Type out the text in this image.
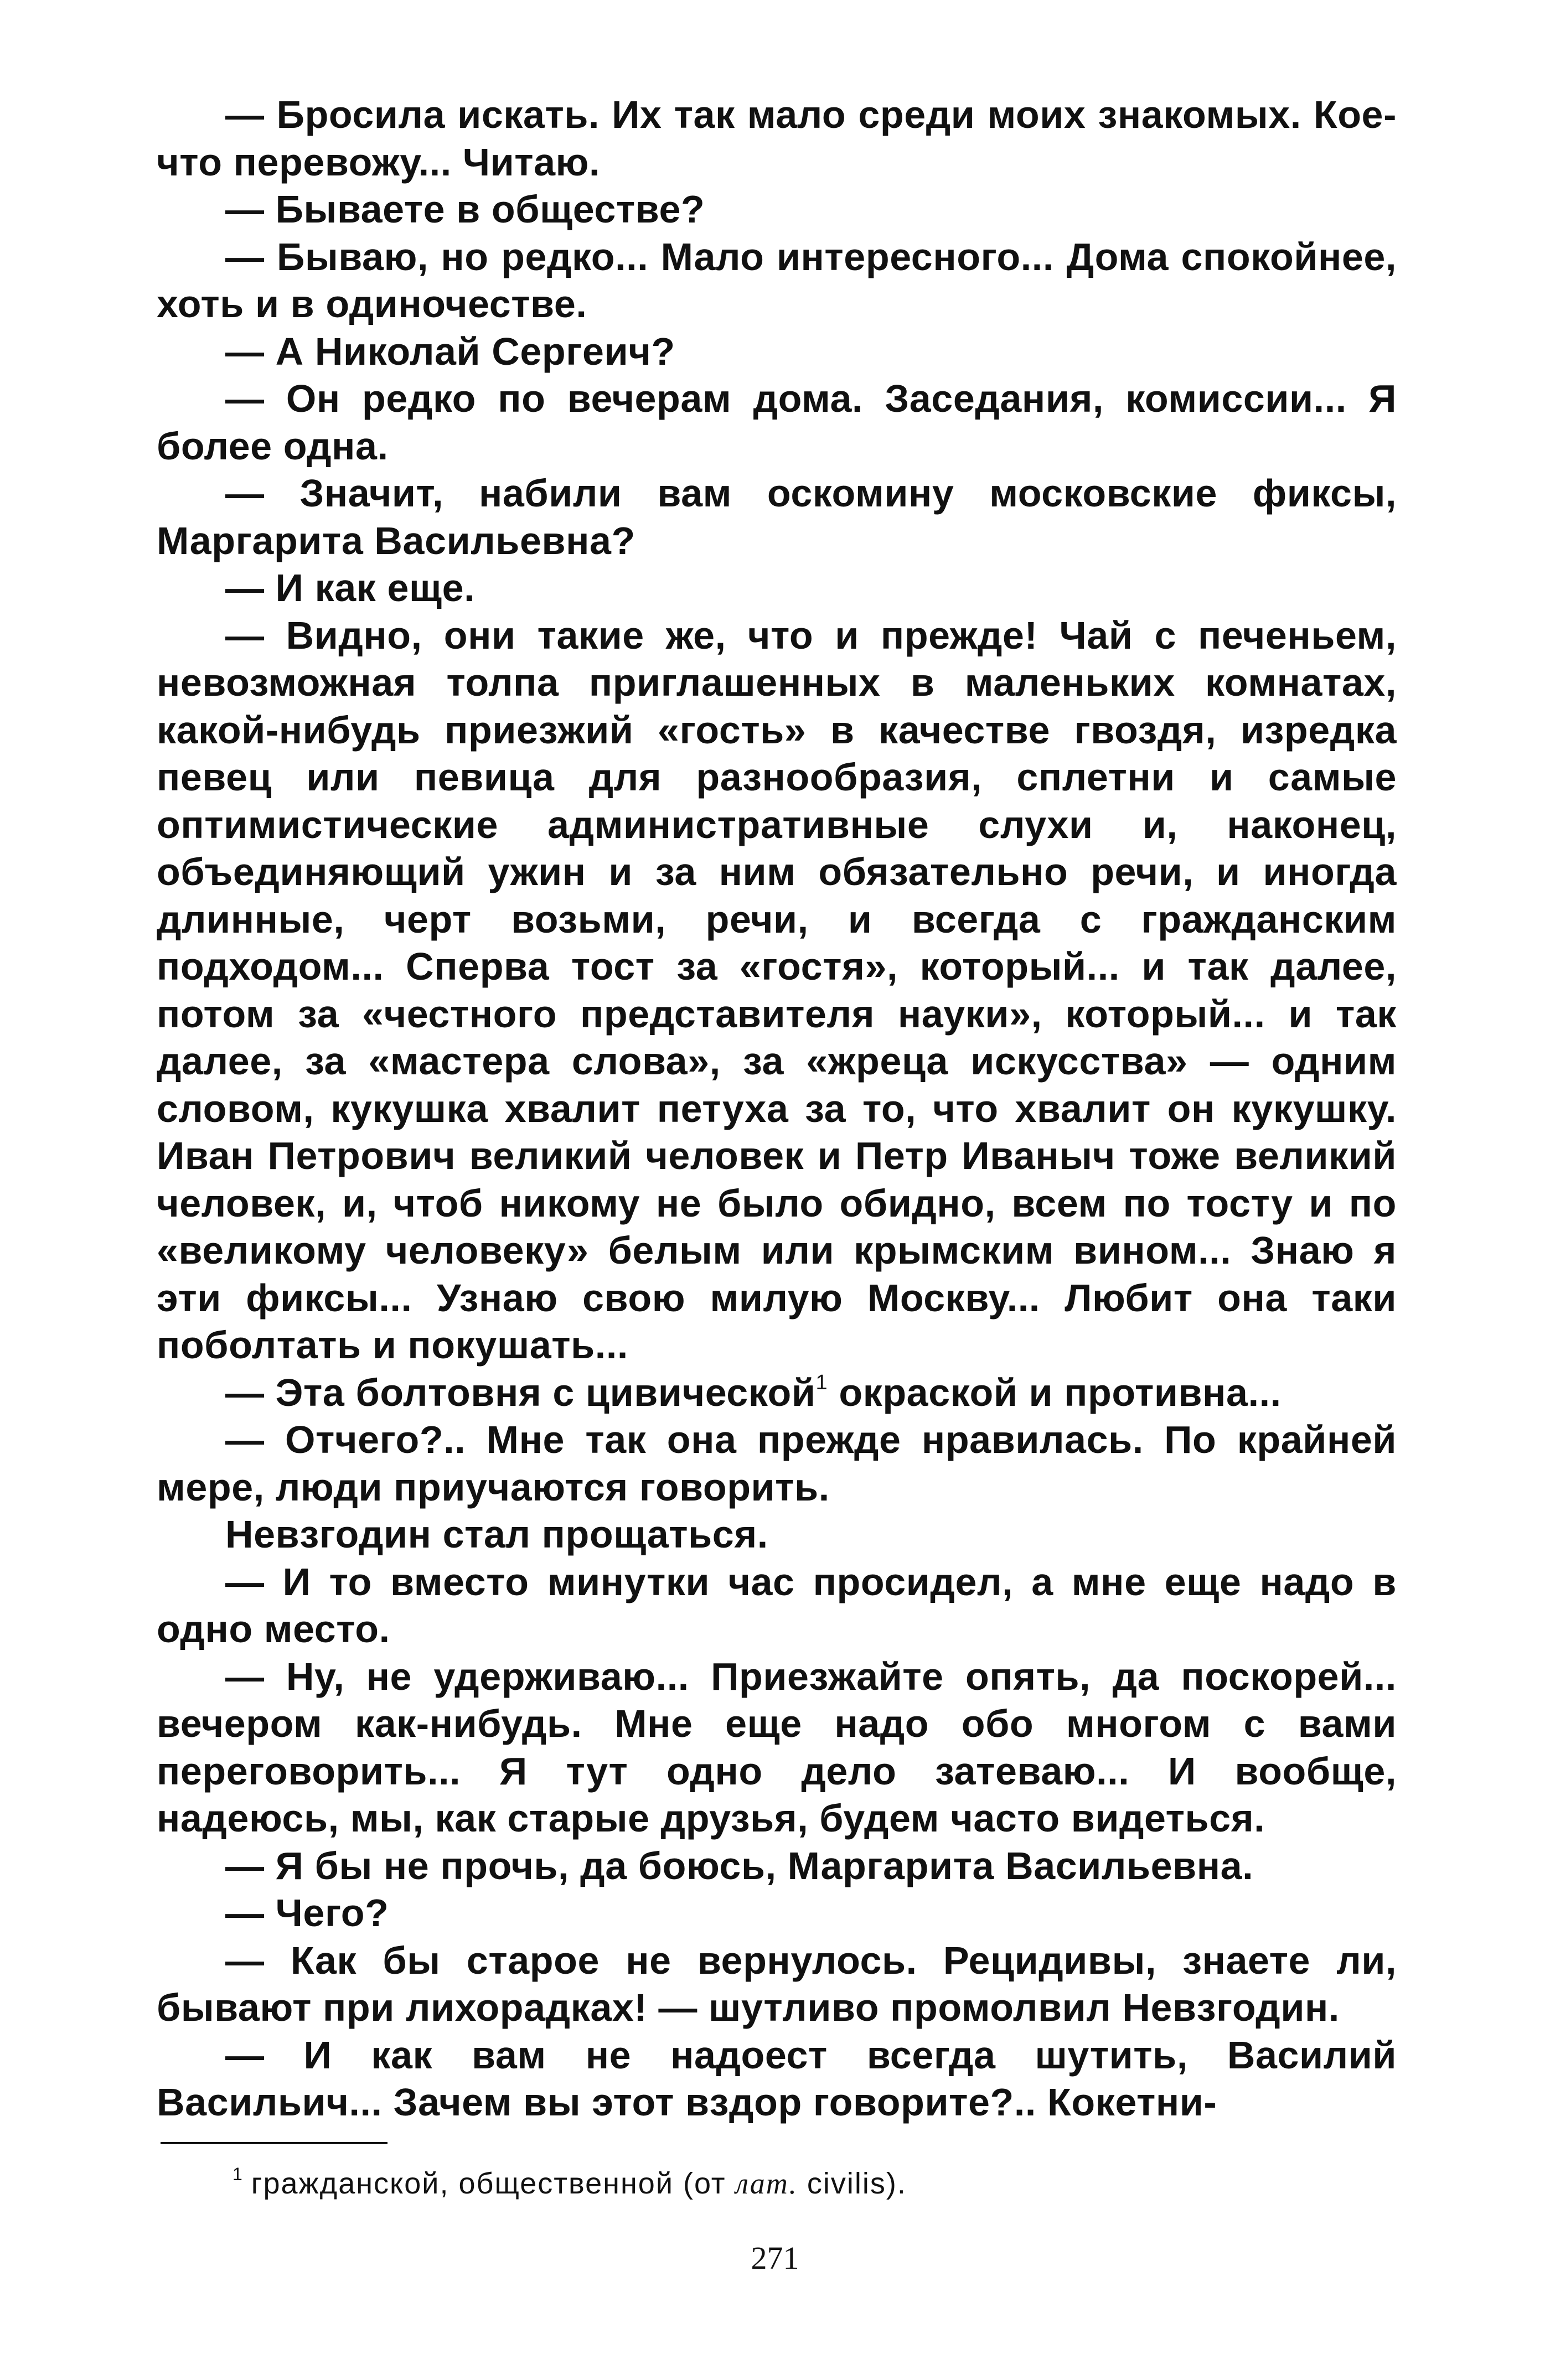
— Бросила искать. Их так мало среди моих знакомых. Кое-что перевожу... Читаю.

— Бываете в обществе?

— Бываю, но редко... Мало интересного... Дома спокойнее, хоть и в одиночестве.

— А Николай Сергеич?

— Он редко по вечерам дома. Заседания, комиссии... Я более одна.

— Значит, набили вам оскомину московские фиксы, Маргарита Васильевна?

— И как еще.

— Видно, они такие же, что и прежде! Чай с печеньем, невозможная толпа приглашенных в маленьких комнатах, какой-нибудь приезжий «гость» в качестве гвоздя, изредка певец или певица для разнообразия, сплетни и самые оптимистические административные слухи и, наконец, объединяющий ужин и за ним обязательно речи, и иногда длинные, черт возьми, речи, и всегда с гражданским подходом... Сперва тост за «гостя», который... и так далее, потом за «честного представителя науки», который... и так далее, за «мастера слова», за «жреца искусства» — одним словом, кукушка хвалит петуха за то, что хвалит он кукушку. Иван Петрович великий человек и Петр Иваныч тоже великий человек, и, чтоб никому не было обидно, всем по тосту и по «великому человеку» белым или крымским вином... Знаю я эти фиксы... Узнаю свою милую Москву... Любит она таки поболтать и покушать...

— Эта болтовня с цивической$^1$ окраской и противна...

— Отчего?.. Мне так она прежде нравилась. По крайней мере, люди приучаются говорить.

Невзгодин стал прощаться.

— И то вместо минутки час просидел, а мне еще надо в одно место.

— Ну, не удерживаю... Приезжайте опять, да поскорей... вечером как-нибудь. Мне еще надо обо многом с вами переговорить... Я тут одно дело затеваю... И вообще, надеюсь, мы, как старые друзья, будем часто видеться.

— Я бы не прочь, да боюсь, Маргарита Васильевна.

— Чего?

— Как бы старое не вернулось. Рецидивы, знаете ли, бывают при лихорадках! — шутливо промолвил Невзгодин.

— И как вам не надоест всегда шутить, Василий Васильич... Зачем вы этот вздор говорите?.. Кокетни-

$^1$ гражданской, общественной (от лат. civilis).
271
